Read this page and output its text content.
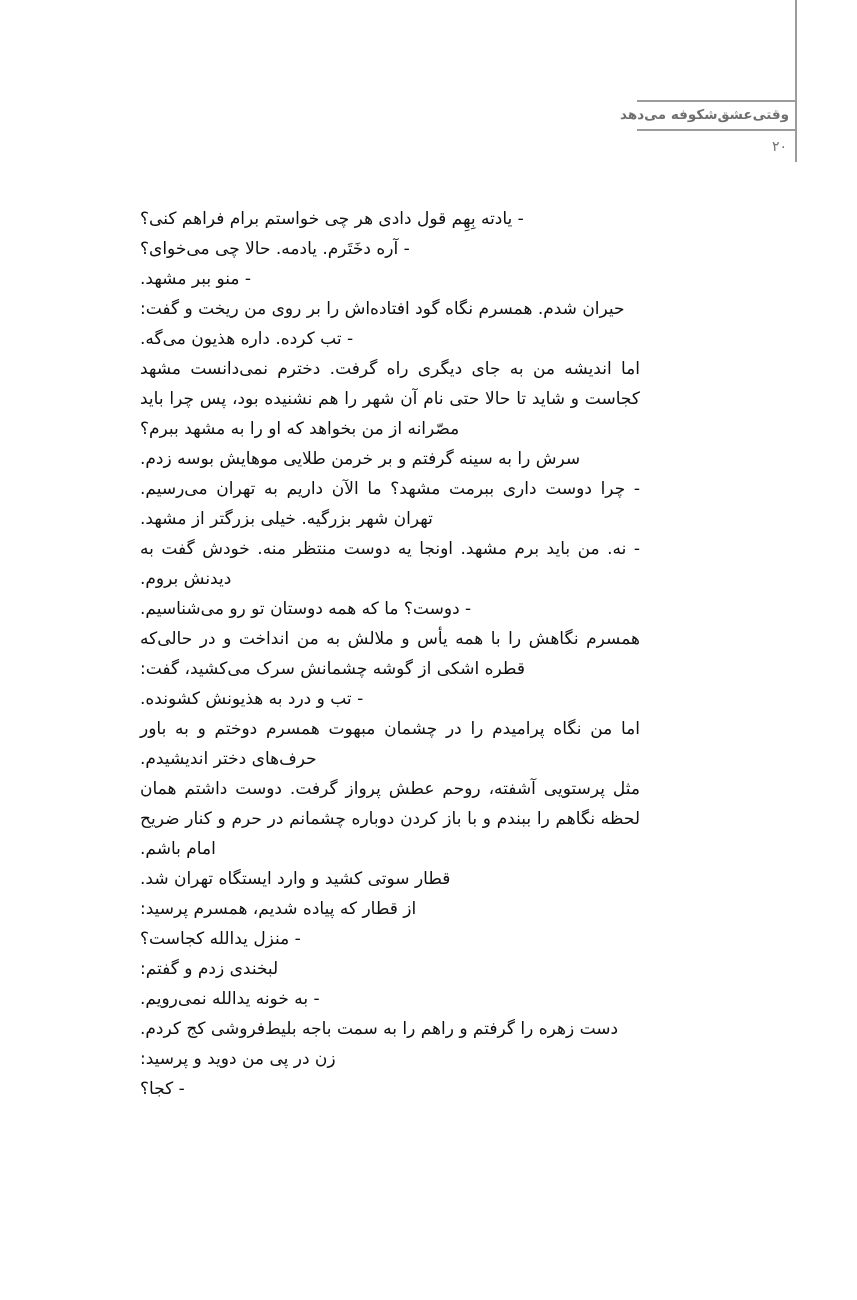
وقتی‌عشق‌شکوفه می‌دهد
۲۰

- یادته بِهِم قول دادی هر چی خواستم برام فراهم کنی؟

- آره دخَتَرم. یادمه. حالا چی می‌خوای؟

- منو ببر مشهد.

حیران شدم. همسرم نگاه گود افتاده‌اش را بر روی من ریخت و گفت:

- تب کرده. داره هذیون می‌گه.

اما اندیشه من به جای دیگری راه گرفت. دخترم نمی‌دانست مشهد کجاست و شاید تا حالا حتی نام آن شهر را هم نشنیده بود، پس چرا باید مصّرانه از من بخواهد که او را به مشهد ببرم؟

سرش را به سینه گرفتم و بر خرمن طلایی موهایش بوسه زدم.

- چرا دوست داری ببرمت مشهد؟ ما الآن داریم به تهران می‌رسیم. تهران شهر بزرگیه. خیلی بزرگتر از مشهد.

- نه. من باید برم مشهد. اونجا یه دوست منتظر منه. خودش گفت به دیدنش بروم.

- دوست؟ ما که همه دوستان تو رو می‌شناسیم.

همسرم نگاهش را با همه یأس و ملالش به من انداخت و در حالی‌که قطره اشکی از گوشه چشمانش سرک می‌کشید، گفت:

- تب و درد به هذیونش کشونده.

اما من نگاه پرامیدم را در چشمان مبهوت همسرم دوختم و به باور حرف‌های دختر اندیشیدم.

مثل پرستویی آشفته، روحم عطش پرواز گرفت. دوست داشتم همان لحظه نگاهم را ببندم و با باز کردن دوباره چشمانم در حرم و کنار ضریح امام باشم.

قطار سوتی کشید و وارد ایستگاه تهران شد.

از قطار که پیاده شدیم، همسرم پرسید:

- منزل یدالله کجاست؟

لبخندی زدم و گفتم:

- به خونه یدالله نمی‌رویم.

دست زهره را گرفتم و راهم را به سمت باجه بلیط‌فروشی کج کردم.

زن در پی من دوید و پرسید:

- کجا؟
